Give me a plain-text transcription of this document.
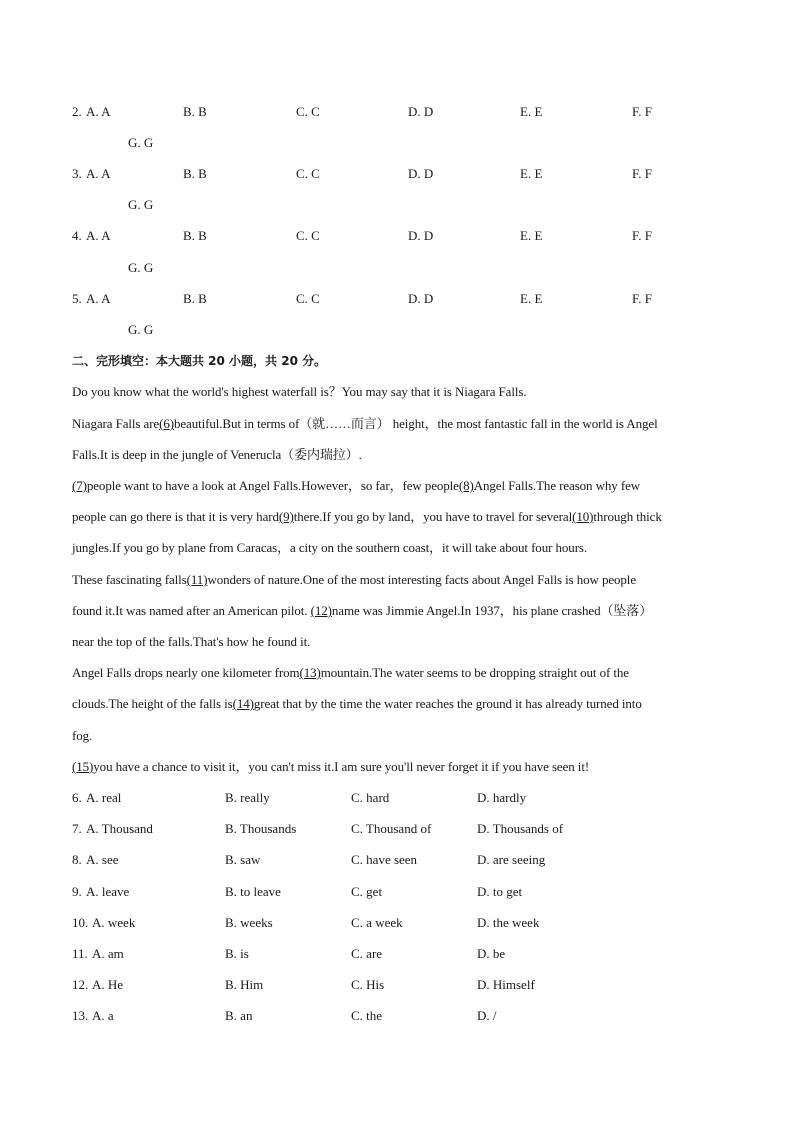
2. A. A	B. B	C. C	D. D	E. E	F. F
G. G
3. A. A	B. B	C. C	D. D	E. E	F. F
G. G
4. A. A	B. B	C. C	D. D	E. E	F. F
G. G
5. A. A	B. B	C. C	D. D	E. E	F. F
G. G
二、完形填空：本大题共 20 小题，共 20 分。
Do you know what the world's highest waterfall is？You may say that it is Niagara Falls.
Niagara Falls are(6)beautiful.But in terms of（就……而言） height，the most fantastic fall in the world is Angel
Falls.It is deep in the jungle of Venerucla（委内瑞拉）.
(7)people want to have a look at Angel Falls.However，so far，few people(8)Angel Falls.The reason why few
people can go there is that it is very hard(9)there.If you go by land，you have to travel for several(10)through thick
jungles.If you go by plane from Caracas，a city on the southern coast，it will take about four hours.
These fascinating falls(11)wonders of nature.One of the most interesting facts about Angel Falls is how people
found it.It was named after an American pilot. (12)name was Jimmie Angel.In 1937，his plane crashed（坠落）
near the top of the falls.That's how he found it.
Angel Falls drops nearly one kilometer from(13)mountain.The water seems to be dropping straight out of the
clouds.The height of the falls is(14)great that by the time the water reaches the ground it has already turned into
fog.
(15)you have a chance to visit it，you can't miss it.I am sure you'll never forget it if you have seen it!
6. A. real	B. really	C. hard	D. hardly
7. A. Thousand	B. Thousands	C. Thousand of	D. Thousands of
8. A. see	B. saw	C. have seen	D. are seeing
9. A. leave	B. to leave	C. get	D. to get
10. A. week	B. weeks	C. a week	D. the week
11. A. am	B. is	C. are	D. be
12. A. He	B. Him	C. His	D. Himself
13. A. a	B. an	C. the	D. /
